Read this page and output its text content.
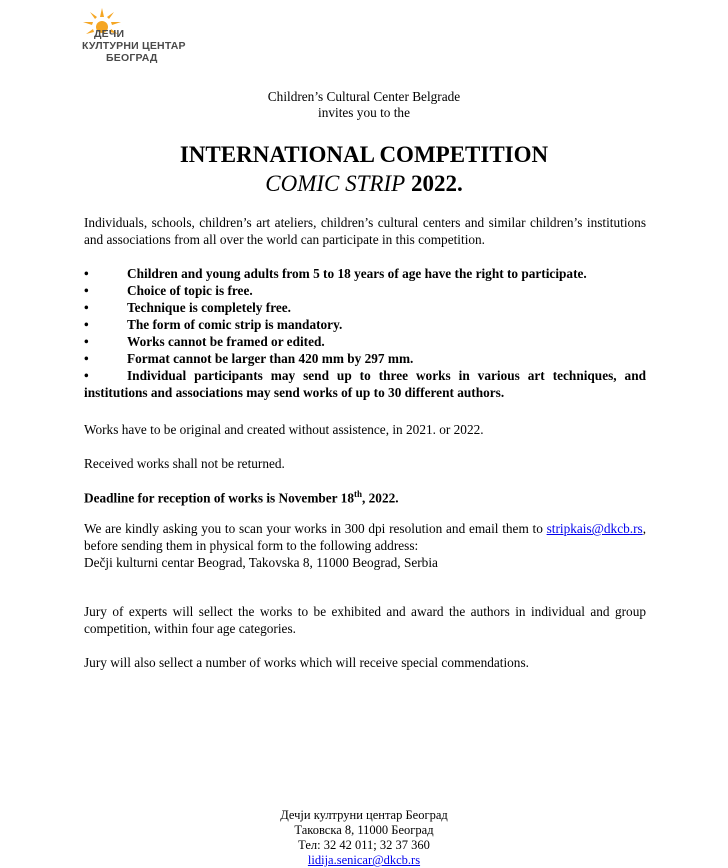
ДЕЧИ
КУЛТУРНИ ЦЕНТАР
БЕОГРАД
Children’s Cultural Center Belgrade
invites you to the
INTERNATIONAL COMPETITION
COMIC STRIP 2022.

Individuals, schools, children’s art ateliers, children’s cultural centers and similar children’s institutions and associations from all over the world can participate in this competition.

•	Children and young adults from 5 to 18 years of age have the right to participate.
•	Choice of topic is free.
•	Technique is completely free.
•	The form of comic strip is mandatory.
•	Works cannot be framed or edited.
•	Format cannot be larger than 420 mm by 297 mm.
•	Individual participants may send up to three works in various art techniques, and institutions and associations may send works of up to 30 different authors.

Works have to be original and created without assistence, in 2021. or 2022.

Received works shall not be returned.

Deadline for reception of works is November 18th, 2022.

We are kindly asking you to scan your works in 300 dpi resolution and email them to stripkais@dkcb.rs, before sending them in physical form to the following address:

Dečji kulturni centar Beograd, Takovska 8, 11000 Beograd, Serbia

Jury of experts will sellect the works to be exhibited and award the authors in individual and group competition, within four age categories.

Jury will also sellect a number of works which will receive special commendations.

Дечји култруни центар Београд
Таковска 8, 11000 Београд
Тел: 32 42 011; 32 37 360
lidija.senicar@dkcb.rs
